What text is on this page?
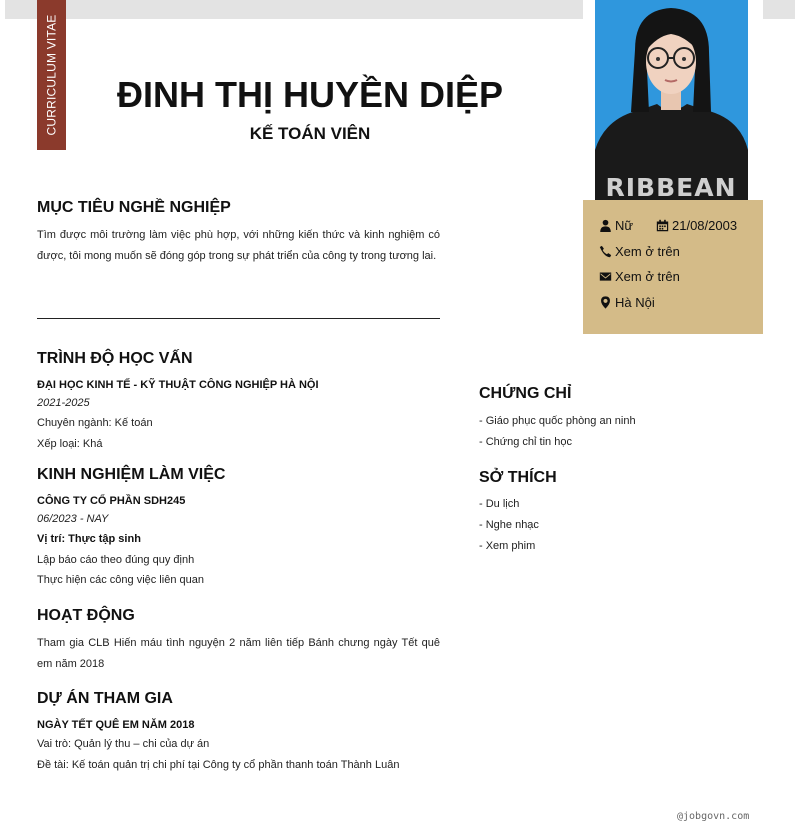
CURRICULUM VITAE	ĐINH THỊ HUYỀN DIỆP
KẾ TOÁN VIÊN
RIBBEAN
Nữ	21/08/2003
Xem ở trên
Xem ở trên
Hà Nội
MỤC TIÊU NGHỀ NGHIỆP
Tìm được môi trường làm việc phù hợp, với những kiến thức và kinh nghiệm có được, tôi mong muốn sẽ đóng góp trong sự phát triển của công ty trong tương lai.
TRÌNH ĐỘ HỌC VẤN
ĐẠI HỌC KINH TẾ - KỸ THUẬT CÔNG NGHIỆP HÀ NỘI
2021-2025
Chuyên ngành: Kế toán
Xếp loại: Khá
KINH NGHIỆM LÀM VIỆC
CÔNG TY CỔ PHẦN SDH245
06/2023 - NAY
Vị trí: Thực tập sinh
Lập báo cáo theo đúng quy định
Thực hiện các công việc liên quan
HOẠT ĐỘNG
Tham gia CLB Hiến máu tình nguyện 2 năm liên tiếp Bánh chưng ngày Tết quê em năm 2018
DỰ ÁN THAM GIA
NGÀY TẾT QUÊ EM NĂM 2018
Vai trò: Quản lý thu – chi của dự án
Đề tài: Kế toán quản trị chi phí tại Công ty cổ phần thanh toán Thành Luân
CHỨNG CHỈ
- Giáo phục quốc phòng an ninh
- Chứng chỉ tin học
SỞ THÍCH
- Du lịch
- Nghe nhạc
- Xem phim
@jobgovn.com
